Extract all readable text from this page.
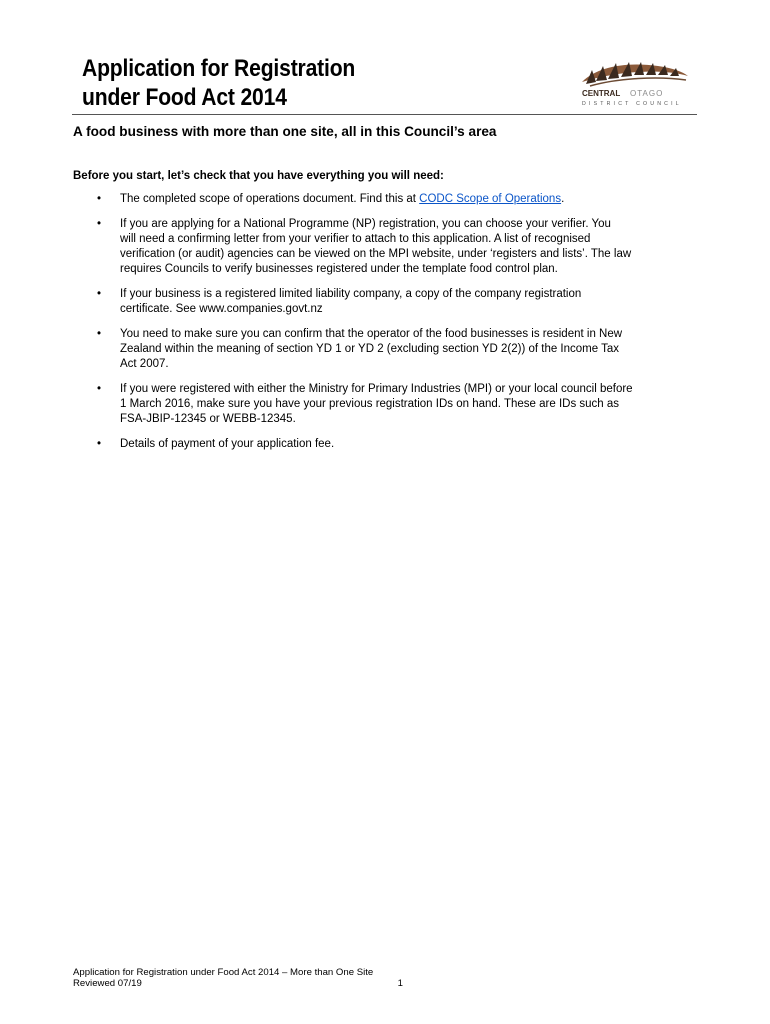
Application for Registration
under Food Act 2014	CENTRAL OTAGO
DISTRICT COUNCIL
A food business with more than one site, all in this Council’s area
Before you start, let’s check that you have everything you will need:
•	The completed scope of operations document. Find this at CODC Scope of Operations.
•	If you are applying for a National Programme (NP) registration, you can choose your verifier. You
will need a confirming letter from your verifier to attach to this application. A list of recognised
verification (or audit) agencies can be viewed on the MPI website, under ‘registers and lists’. The law
requires Councils to verify businesses registered under the template food control plan.
•	If your business is a registered limited liability company, a copy of the company registration
certificate. See www.companies.govt.nz
•	You need to make sure you can confirm that the operator of the food businesses is resident in New
Zealand within the meaning of section YD 1 or YD 2 (excluding section YD 2(2)) of the Income Tax
Act 2007.
•	If you were registered with either the Ministry for Primary Industries (MPI) or your local council before
1 March 2016, make sure you have your previous registration IDs on hand. These are IDs such as
FSA-JBIP-12345 or WEBB-12345.
•	Details of payment of your application fee.
Application for Registration under Food Act 2014 – More than One Site
Reviewed 07/19	1
